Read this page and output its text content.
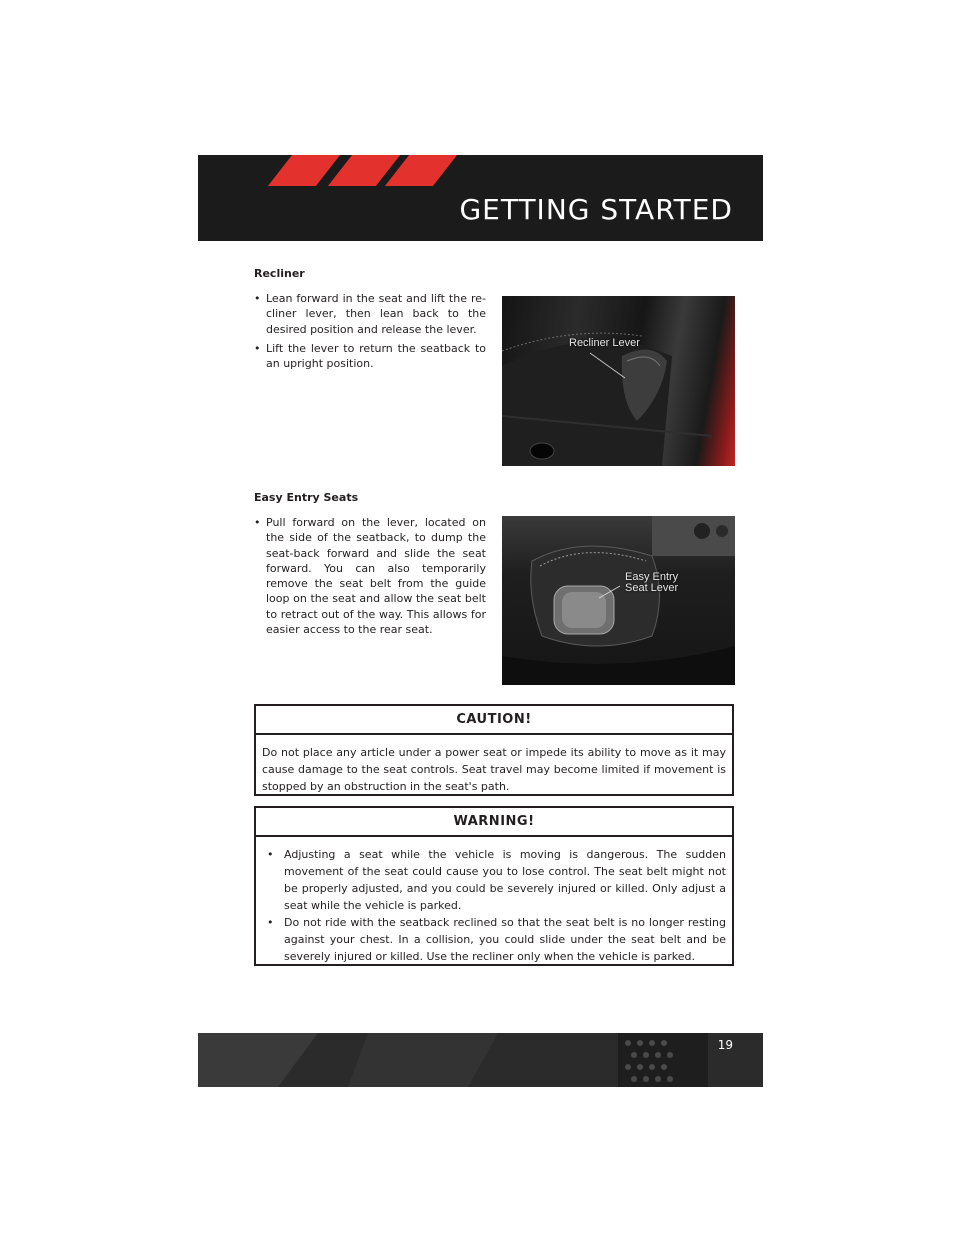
GETTING STARTED
Recliner
• Lean forward in the seat and lift the re-cliner lever, then lean back to the desired position and release the lever.
• Lift the lever to return the seatback to an upright position.
Recliner Lever
Easy Entry Seats
• Pull forward on the lever, located on the side of the seatback, to dump the seat-back forward and slide the seat forward. You can also temporarily remove the seat belt from the guide loop on the seat and allow the seat belt to retract out of the way. This allows for easier access to the rear seat.
Easy Entry
Seat Lever
CAUTION!
Do not place any article under a power seat or impede its ability to move as it may cause damage to the seat controls. Seat travel may become limited if movement is stopped by an obstruction in the seat's path.
WARNING!
• Adjusting a seat while the vehicle is moving is dangerous. The sudden movement of the seat could cause you to lose control. The seat belt might not be properly adjusted, and you could be severely injured or killed. Only adjust a seat while the vehicle is parked.
• Do not ride with the seatback reclined so that the seat belt is no longer resting against your chest. In a collision, you could slide under the seat belt and be severely injured or killed. Use the recliner only when the vehicle is parked.
19
